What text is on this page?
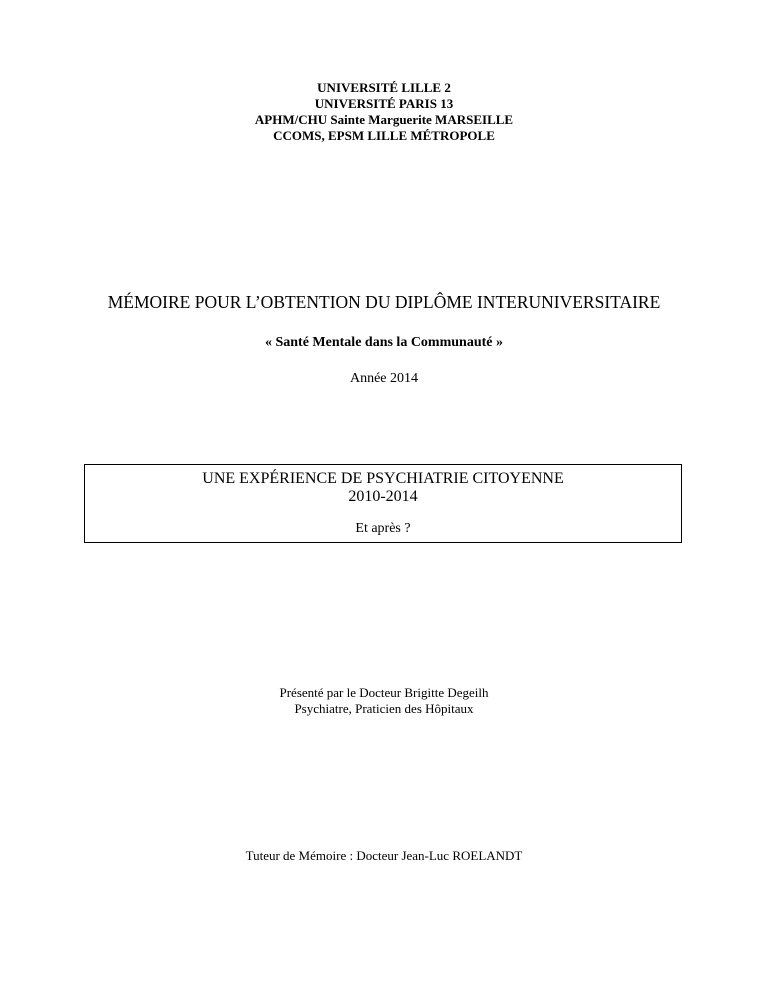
UNIVERSITÉ LILLE 2
UNIVERSITÉ PARIS 13
APHM/CHU Sainte Marguerite MARSEILLE
CCOMS, EPSM LILLE MÉTROPOLE
MÉMOIRE POUR L’OBTENTION DU DIPLÔME INTERUNIVERSITAIRE
« Santé Mentale dans la Communauté »
Année 2014
UNE EXPÉRIENCE DE PSYCHIATRIE CITOYENNE
2010-2014
Et après ?
Présenté par le Docteur Brigitte Degeilh
Psychiatre, Praticien des Hôpitaux
Tuteur de Mémoire : Docteur Jean-Luc ROELANDT
